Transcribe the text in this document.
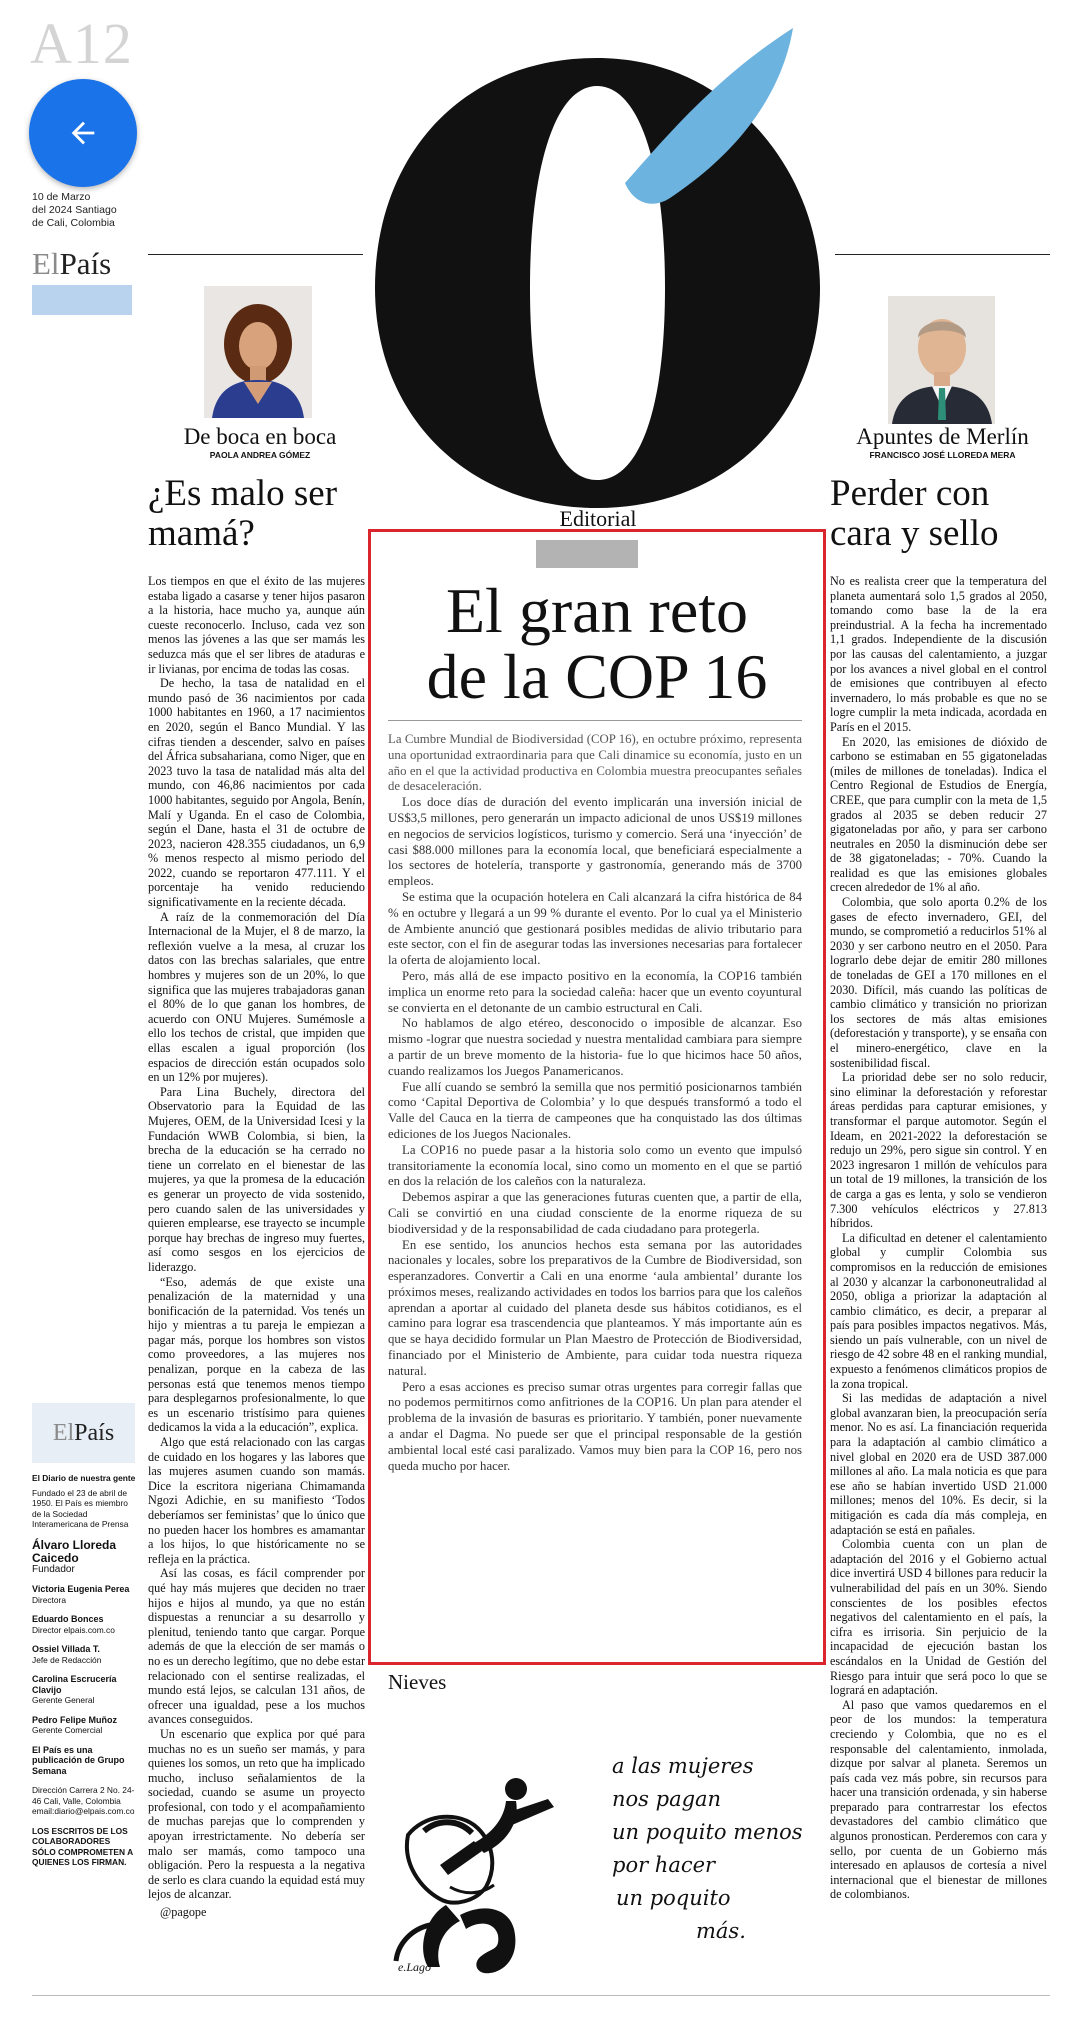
A12
10 de Marzo
del 2024 Santiago
de Cali, Colombia
ElPaís
De boca en boca
PAOLA ANDREA GÓMEZ
¿Es malo ser
mamá?

Los tiempos en que el éxito de las mujeres estaba ligado a casarse y tener hijos pasaron a la historia, hace mucho ya, aunque aún cueste reconocerlo. Incluso, cada vez son menos las jóvenes a las que ser mamás les seduzca más que el ser libres de ataduras e ir livianas, por encima de todas las cosas.

De hecho, la tasa de natalidad en el mundo pasó de 36 nacimientos por cada 1000 habitantes en 1960, a 17 nacimientos en 2020, según el Banco Mundial. Y las cifras tienden a descender, salvo en países del África subsahariana, como Niger, que en 2023 tuvo la tasa de natalidad más alta del mundo, con 46,86 nacimientos por cada 1000 habitantes, seguido por Angola, Benín, Malí y Uganda. En el caso de Colombia, según el Dane, hasta el 31 de octubre de 2023, nacieron 428.355 ciudadanos, un 6,9 % menos respecto al mismo periodo del 2022, cuando se reportaron 477.111. Y el porcentaje ha venido reduciendo significativamente en la reciente década.

A raíz de la conmemoración del Día Internacional de la Mujer, el 8 de marzo, la reflexión vuelve a la mesa, al cruzar los datos con las brechas salariales, que entre hombres y mujeres son de un 20%, lo que significa que las mujeres trabajadoras ganan el 80% de lo que ganan los hombres, de acuerdo con ONU Mujeres. Sumémosle a ello los techos de cristal, que impiden que ellas escalen a igual proporción (los espacios de dirección están ocupados solo en un 12% por mujeres).

Para Lina Buchely, directora del Observatorio para la Equidad de las Mujeres, OEM, de la Universidad Icesi y la Fundación WWB Colombia, si bien, la brecha de la educación se ha cerrado no tiene un correlato en el bienestar de las mujeres, ya que la promesa de la educación es generar un proyecto de vida sostenido, pero cuando salen de las universidades y quieren emplearse, ese trayecto se incumple porque hay brechas de ingreso muy fuertes, así como sesgos en los ejercicios de liderazgo.

“Eso, además de que existe una penalización de la maternidad y una bonificación de la paternidad. Vos tenés un hijo y mientras a tu pareja le empiezan a pagar más, porque los hombres son vistos como proveedores, a las mujeres nos penalizan, porque en la cabeza de las personas está que tenemos menos tiempo para desplegarnos profesionalmente, lo que es un escenario tristísimo para quienes dedicamos la vida a la educación”, explica.

Algo que está relacionado con las cargas de cuidado en los hogares y las labores que las mujeres asumen cuando son mamás. Dice la escritora nigeriana Chimamanda Ngozi Adichie, en su manifiesto ‘Todos deberíamos ser feministas’ que lo único que no pueden hacer los hombres es amamantar a los hijos, lo que históricamente no se refleja en la práctica.

Así las cosas, es fácil comprender por qué hay más mujeres que deciden no traer hijos e hijos al mundo, ya que no están dispuestas a renunciar a su desarrollo y plenitud, teniendo tanto que cargar. Porque además de que la elección de ser mamás o no es un derecho legítimo, que no debe estar relacionado con el sentirse realizadas, el mundo está lejos, se calculan 131 años, de ofrecer una igualdad, pese a los muchos avances conseguidos.

Un escenario que explica por qué para muchas no es un sueño ser mamás, y para quienes los somos, un reto que ha implicado mucho, incluso señalamientos de la sociedad, cuando se asume un proyecto profesional, con todo y el acompañamiento de muchas parejas que lo comprenden y apoyan irrestrictamente. No debería ser malo ser mamás, como tampoco una obligación. Pero la respuesta a la negativa de serlo es clara cuando la equidad está muy lejos de alcanzar.

@pagope

El País
El Diario de nuestra gente
Fundado el 23 de abril de 1950. El País es miembro de la Sociedad Interamericana de Prensa
Álvaro Lloreda Caicedo
Fundador
Victoria Eugenia Perea
Directora
Eduardo Bonces
Director elpais.com.co
Ossiel Villada T.
Jefe de Redacción
Carolina Escrucería Clavijo
Gerente General
Pedro Felipe Muñoz
Gerente Comercial
El País es una publicación de Grupo Semana
Dirección Carrera 2 No. 24-46 Cali, Valle, Colombia email:diario@elpais.com.co
LOS ESCRITOS DE LOS COLABORADORES SÓLO COMPROMETEN A QUIENES LOS FIRMAN.
Editorial
El gran reto
de la COP 16

La Cumbre Mundial de Biodiversidad (COP 16), en octubre próximo, representa una oportunidad extraordinaria para que Cali dinamice su economía, justo en un año en el que la actividad productiva en Colombia muestra preocupantes señales de desaceleración.

Los doce días de duración del evento implicarán una inversión inicial de US$3,5 millones, pero generarán un impacto adicional de unos US$19 millones en negocios de servicios logísticos, turismo y comercio. Será una ‘inyección’ de casi $88.000 millones para la economía local, que beneficiará especialmente a los sectores de hotelería, transporte y gastronomía, generando más de 3700 empleos.

Se estima que la ocupación hotelera en Cali alcanzará la cifra histórica de 84 % en octubre y llegará a un 99 % durante el evento. Por lo cual ya el Ministerio de Ambiente anunció que gestionará posibles medidas de alivio tributario para este sector, con el fin de asegurar todas las inversiones necesarias para fortalecer la oferta de alojamiento local.

Pero, más allá de ese impacto positivo en la economía, la COP16 también implica un enorme reto para la sociedad caleña: hacer que un evento coyuntural se convierta en el detonante de un cambio estructural en Cali.

No hablamos de algo etéreo, desconocido o imposible de alcanzar. Eso mismo -lograr que nuestra sociedad y nuestra mentalidad cambiara para siempre a partir de un breve momento de la historia- fue lo que hicimos hace 50 años, cuando realizamos los Juegos Panamericanos.

Fue allí cuando se sembró la semilla que nos permitió posicionarnos también como ‘Capital Deportiva de Colombia’ y lo que después transformó a todo el Valle del Cauca en la tierra de campeones que ha conquistado las dos últimas ediciones de los Juegos Nacionales.

La COP16 no puede pasar a la historia solo como un evento que impulsó transitoriamente la economía local, sino como un momento en el que se partió en dos la relación de los caleños con la naturaleza.

Debemos aspirar a que las generaciones futuras cuenten que, a partir de ella, Cali se convirtió en una ciudad consciente de la enorme riqueza de su biodiversidad y de la responsabilidad de cada ciudadano para protegerla.

En ese sentido, los anuncios hechos esta semana por las autoridades nacionales y locales, sobre los preparativos de la Cumbre de Biodiversidad, son esperanzadores. Convertir a Cali en una enorme ‘aula ambiental’ durante los próximos meses, realizando actividades en todos los barrios para que los caleños aprendan a aportar al cuidado del planeta desde sus hábitos cotidianos, es el camino para lograr esa trascendencia que planteamos. Y más importante aún es que se haya decidido formular un Plan Maestro de Protección de Biodiversidad, financiado por el Ministerio de Ambiente, para cuidar toda nuestra riqueza natural.

Pero a esas acciones es preciso sumar otras urgentes para corregir fallas que no podemos permitirnos como anfitriones de la COP16. Un plan para atender el problema de la invasión de basuras es prioritario. Y también, poner nuevamente a andar el Dagma. No puede ser que el principal responsable de la gestión ambiental local esté casi paralizado. Vamos muy bien para la COP 16, pero nos queda mucho por hacer.

Nieves
a las mujeres
nos pagan
un poquito menos
por hacer
un poquito
más.
e.Lago
Apuntes de Merlín
FRANCISCO JOSÉ LLOREDA MERA
Perder con
cara y sello

No es realista creer que la temperatura del planeta aumentará solo 1,5 grados al 2050, tomando como base la de la era preindustrial. A la fecha ha incrementado 1,1 grados. Independiente de la discusión por las causas del calentamiento, a juzgar por los avances a nivel global en el control de emisiones que contribuyen al efecto invernadero, lo más probable es que no se logre cumplir la meta indicada, acordada en París en el 2015.

En 2020, las emisiones de dióxido de carbono se estimaban en 55 gigatoneladas (miles de millones de toneladas). Indica el Centro Regional de Estudios de Energía, CREE, que para cumplir con la meta de 1,5 grados al 2035 se deben reducir 27 gigatoneladas por año, y para ser carbono neutrales en 2050 la disminución debe ser de 38 gigatoneladas; - 70%. Cuando la realidad es que las emisiones globales crecen alrededor de 1% al año.

Colombia, que solo aporta 0.2% de los gases de efecto invernadero, GEI, del mundo, se comprometió a reducirlos 51% al 2030 y ser carbono neutro en el 2050. Para lograrlo debe dejar de emitir 280 millones de toneladas de GEI a 170 millones en el 2030. Difícil, más cuando las políticas de cambio climático y transición no priorizan los sectores de más altas emisiones (deforestación y transporte), y se ensaña con el minero-energético, clave en la sostenibilidad fiscal.

La prioridad debe ser no solo reducir, sino eliminar la deforestación y reforestar áreas perdidas para capturar emisiones, y transformar el parque automotor. Según el Ideam, en 2021-2022 la deforestación se redujo un 29%, pero sigue sin control. Y en 2023 ingresaron 1 millón de vehículos para un total de 19 millones, la transición de los de carga a gas es lenta, y solo se vendieron 7.300 vehículos eléctricos y 27.813 híbridos.

La dificultad en detener el calentamiento global y cumplir Colombia sus compromisos en la reducción de emisiones al 2030 y alcanzar la carbononeutralidad al 2050, obliga a priorizar la adaptación al cambio climático, es decir, a preparar al país para posibles impactos negativos. Más, siendo un país vulnerable, con un nivel de riesgo de 42 sobre 48 en el ranking mundial, expuesto a fenómenos climáticos propios de la zona tropical.

Si las medidas de adaptación a nivel global avanzaran bien, la preocupación sería menor. No es así. La financiación requerida para la adaptación al cambio climático a nivel global en 2020 era de USD 387.000 millones al año. La mala noticia es que para ese año se habían invertido USD 21.000 millones; menos del 10%. Es decir, si la mitigación es cada día más compleja, en adaptación se está en pañales.

Colombia cuenta con un plan de adaptación del 2016 y el Gobierno actual dice invertirá USD 4 billones para reducir la vulnerabilidad del país en un 30%. Siendo conscientes de los posibles efectos negativos del calentamiento en el país, la cifra es irrisoria. Sin perjuicio de la incapacidad de ejecución bastan los escándalos en la Unidad de Gestión del Riesgo para intuir que será poco lo que se logrará en adaptación.

Al paso que vamos quedaremos en el peor de los mundos: la temperatura creciendo y Colombia, que no es el responsable del calentamiento, inmolada, dizque por salvar al planeta. Seremos un país cada vez más pobre, sin recursos para hacer una transición ordenada, y sin haberse preparado para contrarrestar los efectos devastadores del cambio climático que algunos pronostican. Perderemos con cara y sello, por cuenta de un Gobierno más interesado en aplausos de cortesía a nivel internacional que el bienestar de millones de colombianos.
